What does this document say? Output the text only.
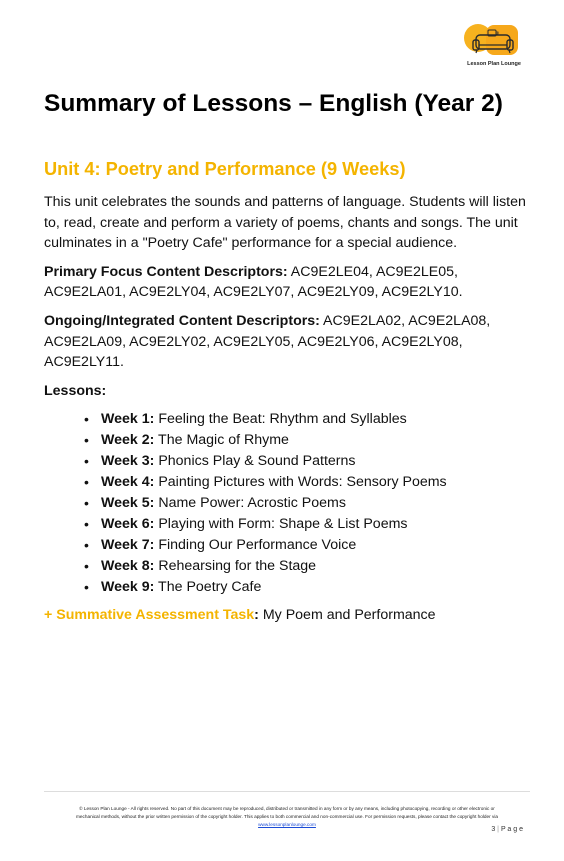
Lesson Plan Lounge
Summary of Lessons – English (Year 2)
Unit 4: Poetry and Performance (9 Weeks)

This unit celebrates the sounds and patterns of language. Students will listen to, read, create and perform a variety of poems, chants and songs. The unit culminates in a "Poetry Cafe" performance for a special audience.

Primary Focus Content Descriptors: AC9E2LE04, AC9E2LE05, AC9E2LA01, AC9E2LY04, AC9E2LY07, AC9E2LY09, AC9E2LY10.

Ongoing/Integrated Content Descriptors: AC9E2LA02, AC9E2LA08, AC9E2LA09, AC9E2LY02, AC9E2LY05, AC9E2LY06, AC9E2LY08, AC9E2LY11.

Lessons:

• Week 1: Feeling the Beat: Rhythm and Syllables
• Week 2: The Magic of Rhyme
• Week 3: Phonics Play & Sound Patterns
• Week 4: Painting Pictures with Words: Sensory Poems
• Week 5: Name Power: Acrostic Poems
• Week 6: Playing with Form: Shape & List Poems
• Week 7: Finding Our Performance Voice
• Week 8: Rehearsing for the Stage
• Week 9: The Poetry Cafe

+ Summative Assessment Task: My Poem and Performance

© Lesson Plan Lounge - All rights reserved. No part of this document may be reproduced, distributed or transmitted in any form or by any means, including photocopying, recording or other electronic or
mechanical methods, without the prior written permission of the copyright holder. This applies to both commercial and non-commercial use. For permission requests, please contact the copyright holder via
www.lessonplanlounge.com
3 | P a g e
